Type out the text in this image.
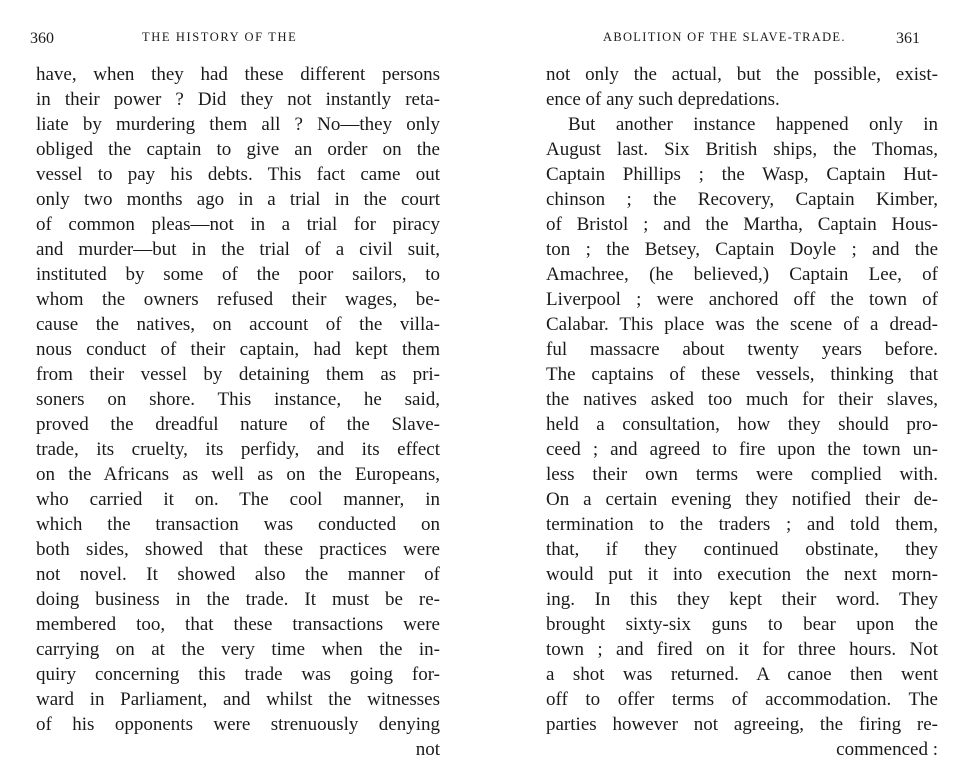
360	THE HISTORY OF THE
have, when they had these different persons
in their power ? Did they not instantly reta-
liate by murdering them all ? No—they only
obliged the captain to give an order on the
vessel to pay his debts. This fact came out
only two months ago in a trial in the court
of common pleas—not in a trial for piracy
and murder—but in the trial of a civil suit,
instituted by some of the poor sailors, to
whom the owners refused their wages, be-
cause the natives, on account of the villa-
nous conduct of their captain, had kept them
from their vessel by detaining them as pri-
soners on shore. This instance, he said,
proved the dreadful nature of the Slave-
trade, its cruelty, its perfidy, and its effect
on the Africans as well as on the Europeans,
who carried it on. The cool manner, in
which the transaction was conducted on
both sides, showed that these practices were
not novel. It showed also the manner of
doing business in the trade. It must be re-
membered too, that these transactions were
carrying on at the very time when the in-
quiry concerning this trade was going for-
ward in Parliament, and whilst the witnesses
of his opponents were strenuously denying
not
ABOLITION OF THE SLAVE-TRADE.	361
not only the actual, but the possible, exist-
ence of any such depredations.
But another instance happened only in
August last. Six British ships, the Thomas,
Captain Phillips ; the Wasp, Captain Hut-
chinson ; the Recovery, Captain Kimber,
of Bristol ; and the Martha, Captain Hous-
ton ; the Betsey, Captain Doyle ; and the
Amachree, (he believed,) Captain Lee, of
Liverpool ; were anchored off the town of
Calabar. This place was the scene of a dread-
ful massacre about twenty years before.
The captains of these vessels, thinking that
the natives asked too much for their slaves,
held a consultation, how they should pro-
ceed ; and agreed to fire upon the town un-
less their own terms were complied with.
On a certain evening they notified their de-
termination to the traders ; and told them,
that, if they continued obstinate, they
would put it into execution the next morn-
ing. In this they kept their word. They
brought sixty-six guns to bear upon the
town ; and fired on it for three hours. Not
a shot was returned. A canoe then went
off to offer terms of accommodation. The
parties however not agreeing, the firing re-
commenced :
